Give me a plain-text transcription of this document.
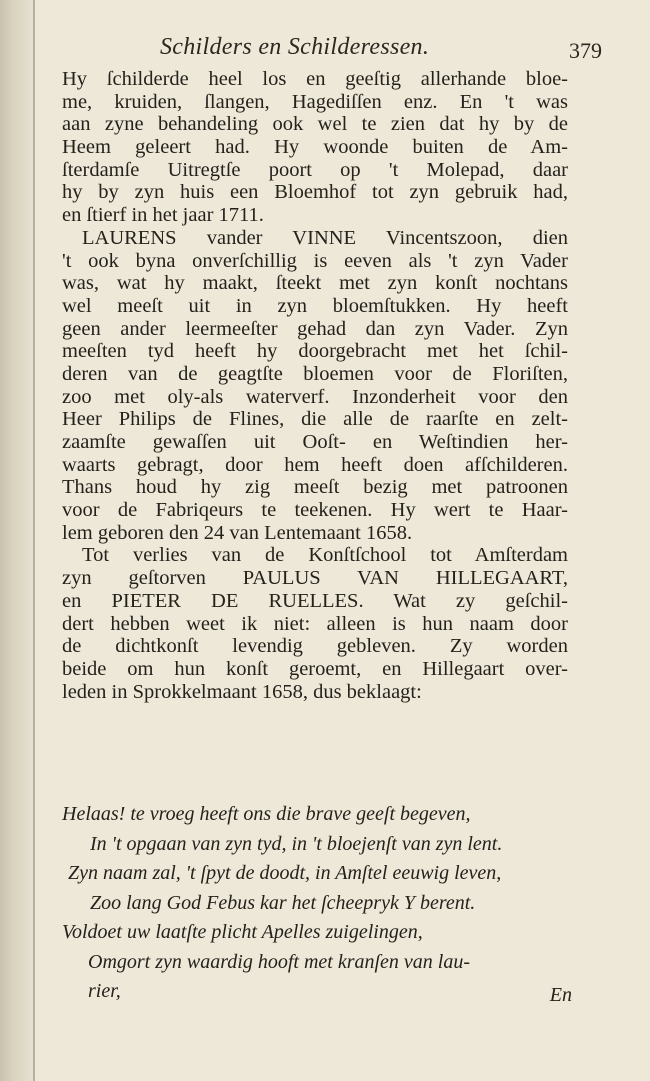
Schilders en Schilderessen.	379
Hy ſchilderde heel los en geeſtig allerhande bloe-
me, kruiden, ſlangen, Hagediſſen enz. En 't was
aan zyne behandeling ook wel te zien dat hy by de
Heem geleert had. Hy woonde buiten de Am-
ſterdamſe Uitregtſe poort op 't Molepad, daar
hy by zyn huis een Bloemhof tot zyn gebruik had,
en ſtierf in het jaar 1711.
LAURENS vander VINNE Vincentszoon, dien
't ook byna onverſchillig is eeven als 't zyn Vader
was, wat hy maakt, ſteekt met zyn konſt nochtans
wel meeſt uit in zyn bloemſtukken. Hy heeft
geen ander leermeeſter gehad dan zyn Vader. Zyn
meeſten tyd heeft hy doorgebracht met het ſchil-
deren van de geagtſte bloemen voor de Floriſten,
zoo met oly-als waterverf. Inzonderheit voor den
Heer Philips de Flines, die alle de raarſte en zelt-
zaamſte gewaſſen uit Ooſt- en Weſtindien her-
waarts gebragt, door hem heeft doen afſchilderen.
Thans houd hy zig meeſt bezig met patroonen
voor de Fabriqeurs te teekenen. Hy wert te Haar-
lem geboren den 24 van Lentemaant 1658.
Tot verlies van de Konſtſchool tot Amſterdam
zyn geſtorven PAULUS VAN HILLEGAART,
en PIETER DE RUELLES. Wat zy geſchil-
dert hebben weet ik niet: alleen is hun naam door
de dichtkonſt levendig gebleven. Zy worden
beide om hun konſt geroemt, en Hillegaart over-
leden in Sprokkelmaant 1658, dus beklaagt:
Helaas! te vroeg heeft ons die brave geeſt begeven,
In 't opgaan van zyn tyd, in 't bloejenſt van zyn lent.
Zyn naam zal, 't ſpyt de doodt, in Amſtel eeuwig leven,
Zoo lang God Febus kar het ſcheepryk Y berent.
Voldoet uw laatſte plicht Apelles zuigelingen,
Omgort zyn waardig hooft met kranſen van lau-
rier,	En
